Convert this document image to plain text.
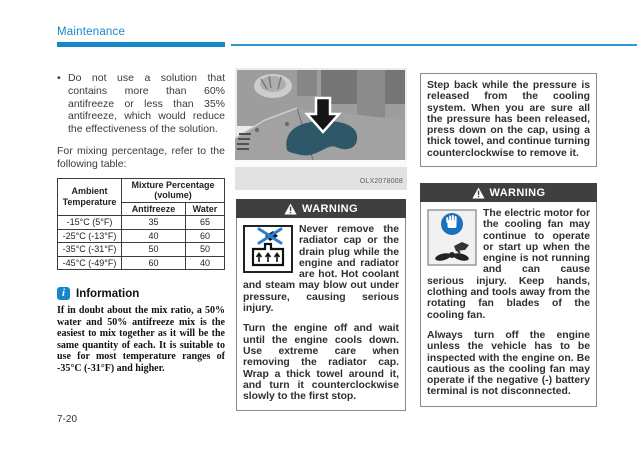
Maintenance
• Do not use a solution that contains more than 60% antifreeze or less than 35% antifreeze, which would reduce the effectiveness of the solution.
For mixing percentage, refer to the following table:
Ambient Temperature	Mixture Percentage (volume)	
	Antifreeze	Water
-15°C (5°F)	35	65
-25°C (-13°F)	40	60
-35°C (-31°F)	50	50
-45°C (-49°F)	60	40
i Information
If in doubt about the mix ratio, a 50% water and 50% antifreeze mix is the easiest to mix together as it will be the same quantity of each. It is suitable to use for most temperature ranges of -35°C (-31°F) and higher.
7-20
OLX2078008
WARNING

Never remove the radiator cap or the drain plug while the engine and radiator are hot. Hot coolant and steam may blow out under pressure, causing serious injury.

Turn the engine off and wait until the engine cools down. Use extreme care when removing the radiator cap. Wrap a thick towel around it, and turn it counterclockwise slowly to the first stop.

Step back while the pressure is released from the cooling system. When you are sure all the pressure has been released, press down on the cap, using a thick towel, and continue turning counterclockwise to remove it.

WARNING

The electric motor for the cooling fan may continue to operate or start up when the engine is not running and can cause serious injury. Keep hands, clothing and tools away from the rotating fan blades of the cooling fan.

Always turn off the engine unless the vehicle has to be inspected with the engine on. Be cautious as the cooling fan may operate if the negative (-) battery terminal is not disconnected.
